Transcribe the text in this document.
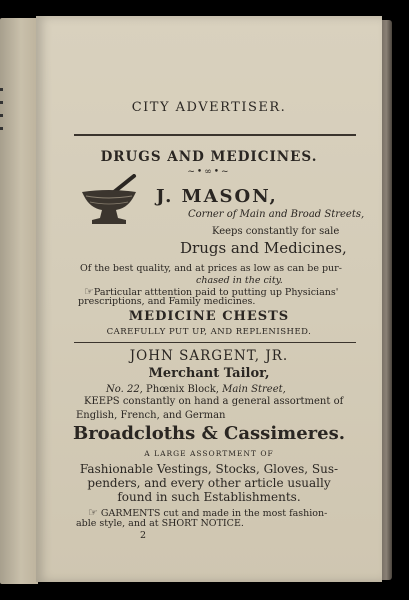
CITY ADVERTISER.
DRUGS AND MEDICINES.
~•∞•~
J. MASON,
Corner of Main and Broad Streets,
Keeps constantly for sale
Drugs and Medicines,
Of the best quality, and at prices as low as can be pur-
chased in the city.
☞Particular atttention paid to putting up Physicians'
prescriptions, and Family medicines.
MEDICINE CHESTS
CAREFULLY PUT UP, AND REPLENISHED.
JOHN SARGENT, JR.
Merchant Tailor,
No. 22, Phœnix Block, Main Street,
KEEPS constantly on hand a general assortment of
English, French, and German
Broadcloths & Cassimeres.
A LARGE ASSORTMENT OF
Fashionable Vestings, Stocks, Gloves, Sus-
penders, and every other article usually
found in such Establishments.
☞ GARMENTS cut and made in the most fashion-
able style, and at SHORT NOTICE.
2
